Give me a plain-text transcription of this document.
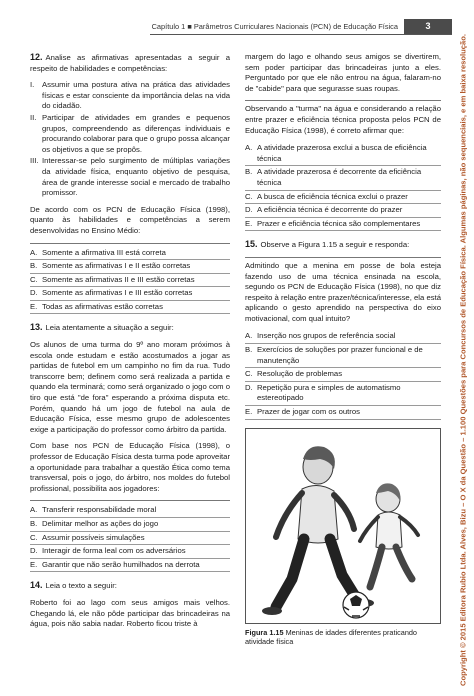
Capítulo 1 ■ Parâmetros Curriculares Nacionais (PCN) de Educação Física	3

12. Analise as afirmativas apresentadas a seguir a respeito de habilidades e competências:

I.	Assumir uma postura ativa na prática das atividades físicas e estar consciente da importância delas na vida do cidadão.
II. Participar de atividades em grandes e pequenos grupos, compreendendo as diferenças individuais e procurando colaborar para que o grupo possa alcançar os objetivos a que se propôs.
III. Interessar-se pelo surgimento de múltiplas variações da atividade física, enquanto objetivo de pesquisa, área de grande interesse social e mercado de trabalho promissor.

De acordo com os PCN de Educação Física (1998), quanto às habilidades e competências a serem desenvolvidas no Ensino Médio:

A. Somente a afirmativa III está correta
B. Somente as afirmativas I e II estão corretas
C. Somente as afirmativas II e III estão corretas
D. Somente as afirmativas I e III estão corretas
E. Todas as afirmativas estão corretas

13. Leia atentamente a situação a seguir:

Os alunos de uma turma do 9º ano moram próximos à escola onde estudam e estão acostumados a jogar as partidas de futebol em um campinho no fim da rua. Tudo transcorre bem; definem como será realizada a partida e quando ela terminará; como será organizado o jogo com o tiro que está "de fora" esperando a próxima disputa etc. Porém, quando há um jogo de futebol na aula de Educação Física, esse mesmo grupo de adolescentes exige a participação do professor como árbitro da partida.

Com base nos PCN de Educação Física (1998), o professor de Educação Física desta turma pode aproveitar a oportunidade para trabalhar a questão Ética como tema transversal, pois o jogo, do árbitro, nos moldes do futebol profissional, possibilita aos jogadores:

A. Transferir responsabilidade moral
B. Delimitar melhor as ações do jogo
C. Assumir possíveis simulações
D. Interagir de forma leal com os adversários
E. Garantir que não serão humilhados na derrota

14. Leia o texto a seguir:

Roberto foi ao lago com seus amigos mais velhos. Chegando lá, ele não pôde participar das brincadeiras na água, pois não sabia nadar. Roberto ficou triste à

margem do lago e olhando seus amigos se divertirem, sem poder participar das brincadeiras junto a eles. Perguntado por que ele não entrou na água, falaram-no de "cabide" para que segurasse suas roupas.

Observando a "turma" na água e considerando a relação entre prazer e eficiência técnica proposta pelos PCN de Educação Física (1998), é correto afirmar que:

A. A atividade prazerosa exclui a busca de eficiência técnica
B. A atividade prazerosa é decorrente da eficiência técnica
C. A busca de eficiência técnica exclui o prazer
D. A eficiência técnica é decorrente do prazer
E. Prazer e eficiência técnica são complementares

15. Observe a Figura 1.15 a seguir e responda:

Admitindo que a menina em posse de bola esteja fazendo uso de uma técnica ensinada na escola, segundo os PCN de Educação Física (1998), no que diz respeito à relação entre prazer/técnica/interesse, ela está aplicando o gesto aprendido na perspectiva do eixo motivacional, com qual intuito?

A. Inserção nos grupos de referência social
B. Exercícios de soluções por prazer funcional e de manutenção
C. Resolução de problemas
D. Repetição pura e simples de automatismo estereotipado
E. Prazer de jogar com os outros

Figura 1.15 Meninas de idades diferentes praticando atividade física	Copyright © 2015 Editora Rubio Ltda. Alves, Bizu – O X da Questão – 1.100 Questões para Concursos de Educação Física. Algumas páginas, não sequenciais, e em baixa resolução.
